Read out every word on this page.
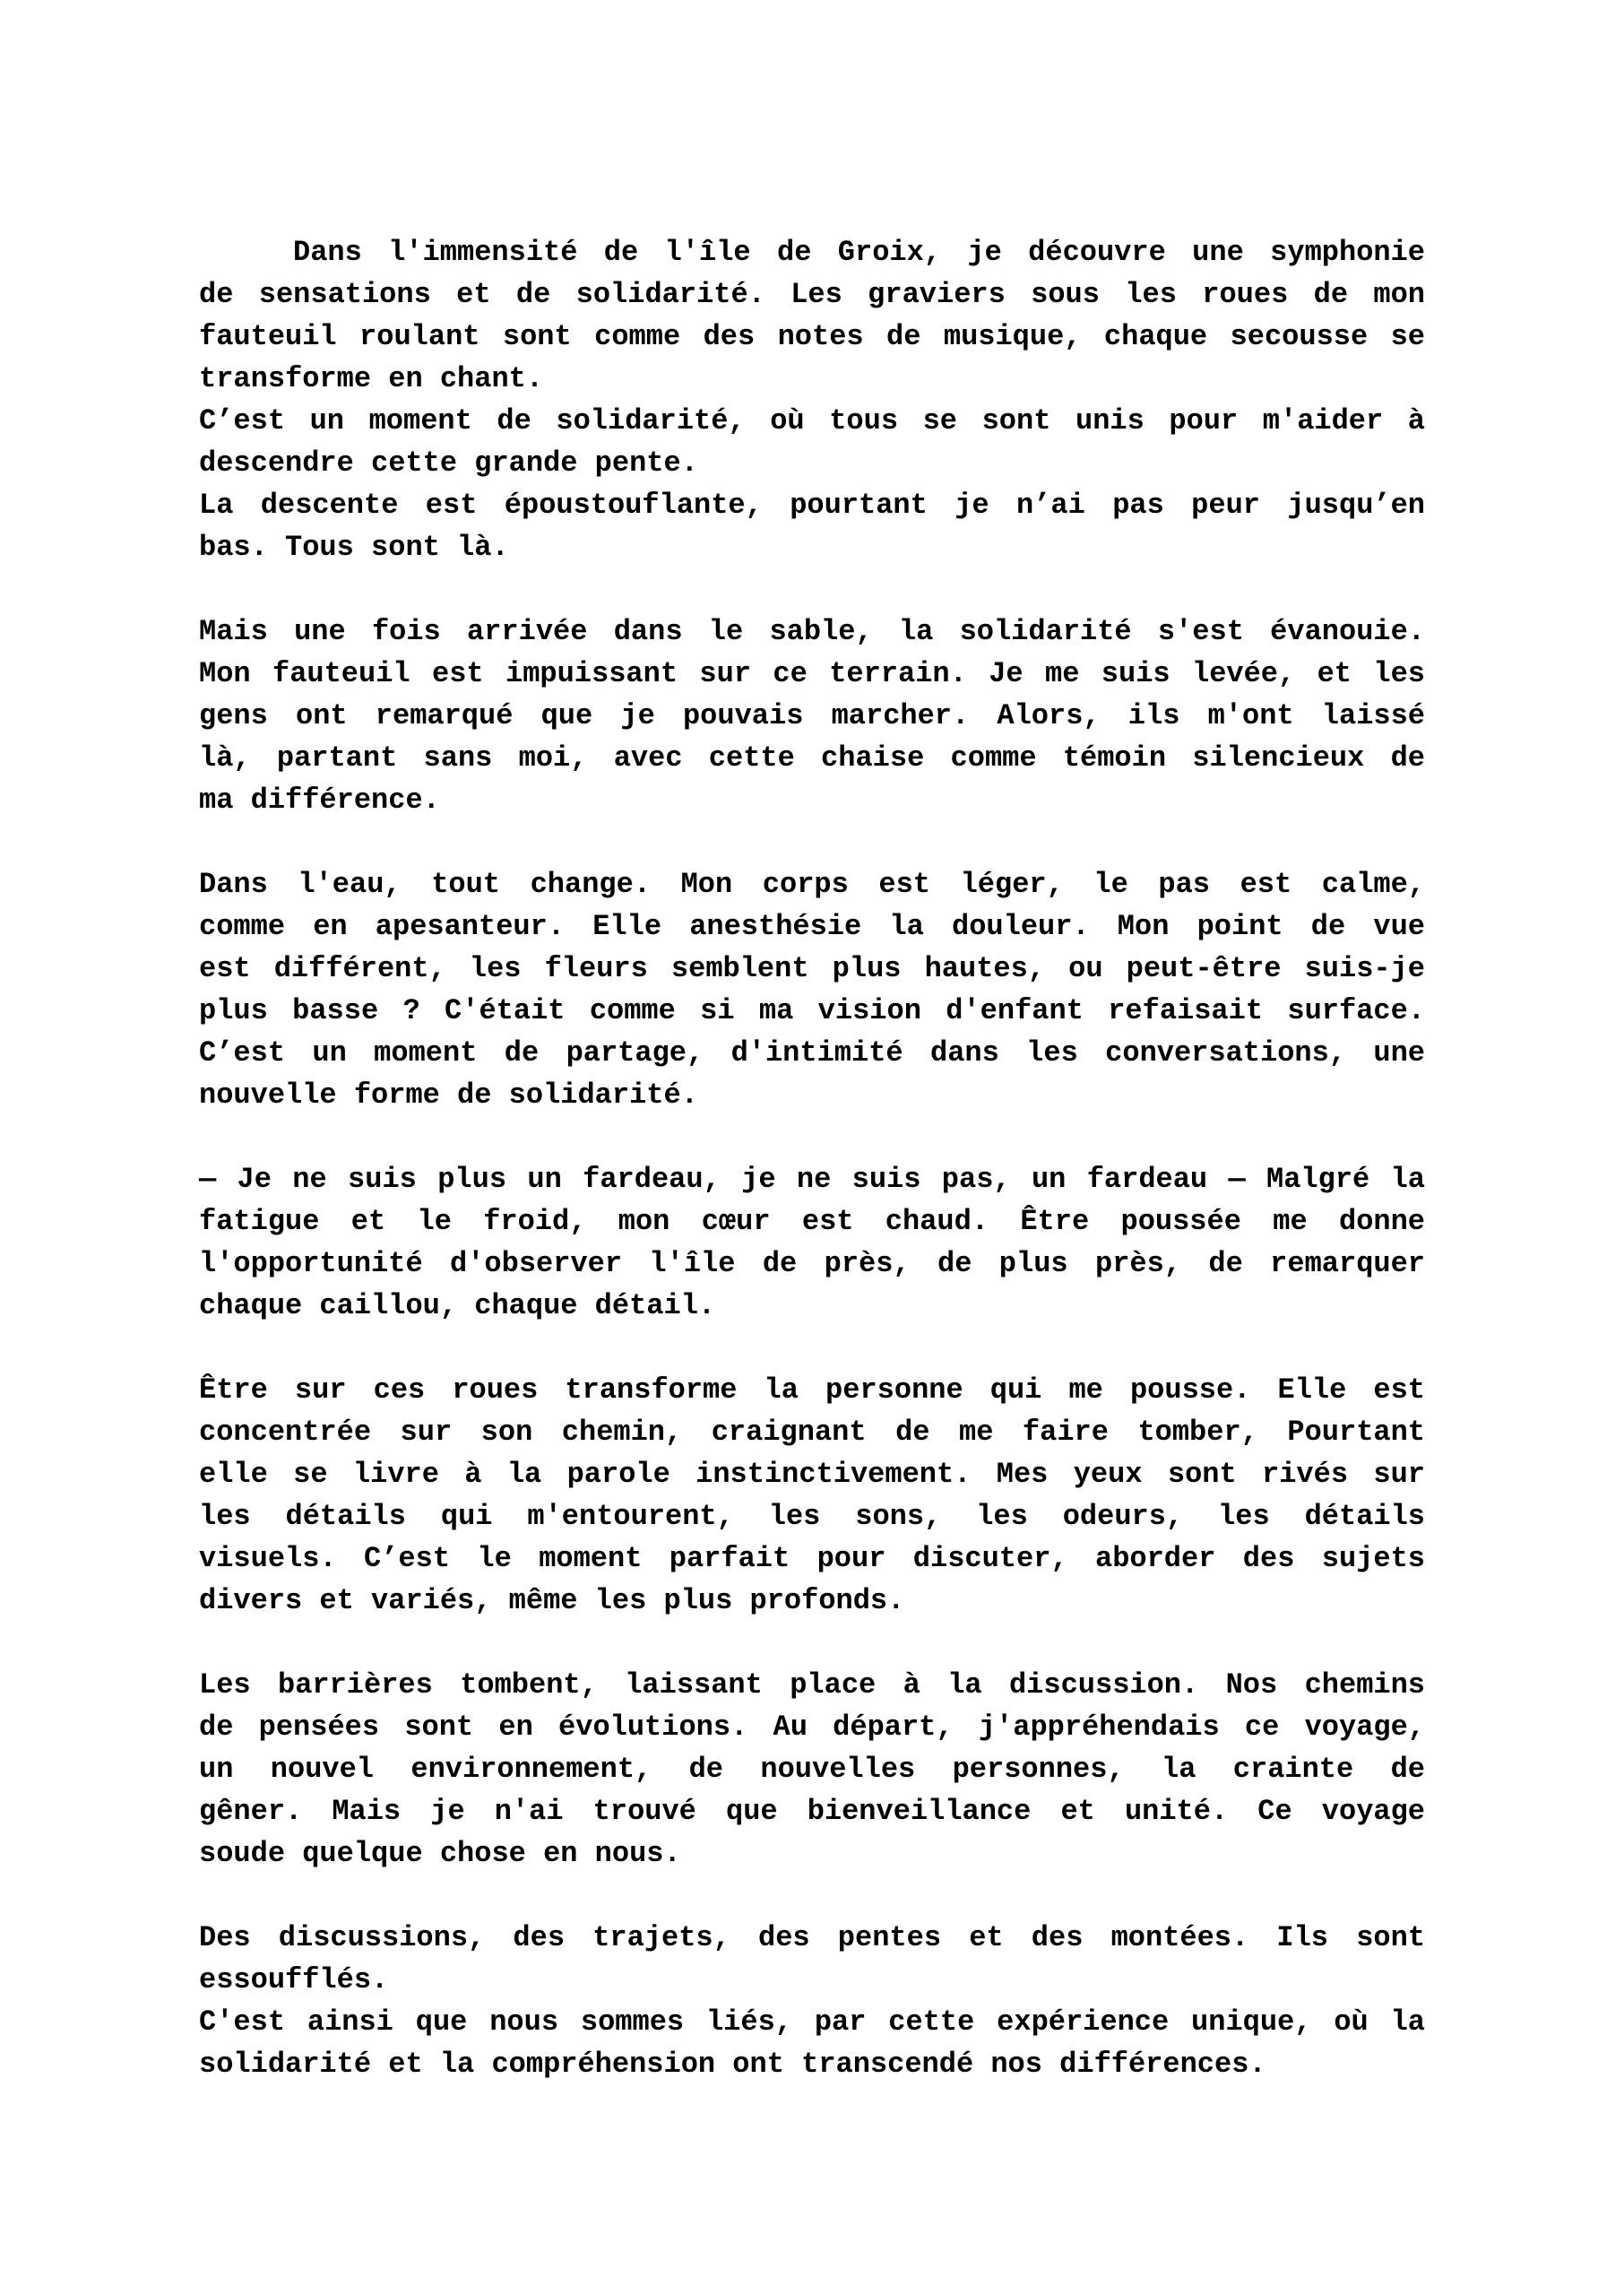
Dans l'immensité de l'île de Groix, je découvre une symphonie
de sensations et de solidarité. Les graviers sous les roues de mon
fauteuil roulant sont comme des notes de musique, chaque secousse se
transforme en chant.
C’est un moment de solidarité, où tous se sont unis pour m'aider à
descendre cette grande pente.
La descente est époustouflante, pourtant je n’ai pas peur jusqu’en
bas. Tous sont là.
Mais une fois arrivée dans le sable, la solidarité s'est évanouie.
Mon fauteuil est impuissant sur ce terrain. Je me suis levée, et les
gens ont remarqué que je pouvais marcher. Alors, ils m'ont laissé
là, partant sans moi, avec cette chaise comme témoin silencieux de
ma différence.
Dans l'eau, tout change. Mon corps est léger, le pas est calme,
comme en apesanteur. Elle anesthésie la douleur. Mon point de vue
est différent, les fleurs semblent plus hautes, ou peut-être suis-je
plus basse ? C'était comme si ma vision d'enfant refaisait surface.
C’est un moment de partage, d'intimité dans les conversations, une
nouvelle forme de solidarité.
— Je ne suis plus un fardeau, je ne suis pas, un fardeau — Malgré la
fatigue et le froid, mon cœur est chaud. Être poussée me donne
l'opportunité d'observer l'île de près, de plus près, de remarquer
chaque caillou, chaque détail.
Être sur ces roues transforme la personne qui me pousse. Elle est
concentrée sur son chemin, craignant de me faire tomber, Pourtant
elle se livre à la parole instinctivement. Mes yeux sont rivés sur
les détails qui m'entourent, les sons, les odeurs, les détails
visuels. C’est le moment parfait pour discuter, aborder des sujets
divers et variés, même les plus profonds.
Les barrières tombent, laissant place à la discussion. Nos chemins
de pensées sont en évolutions. Au départ, j'appréhendais ce voyage,
un nouvel environnement, de nouvelles personnes, la crainte de
gêner. Mais je n'ai trouvé que bienveillance et unité. Ce voyage
soude quelque chose en nous.
Des discussions, des trajets, des pentes et des montées. Ils sont
essoufflés.
C'est ainsi que nous sommes liés, par cette expérience unique, où la
solidarité et la compréhension ont transcendé nos différences.
